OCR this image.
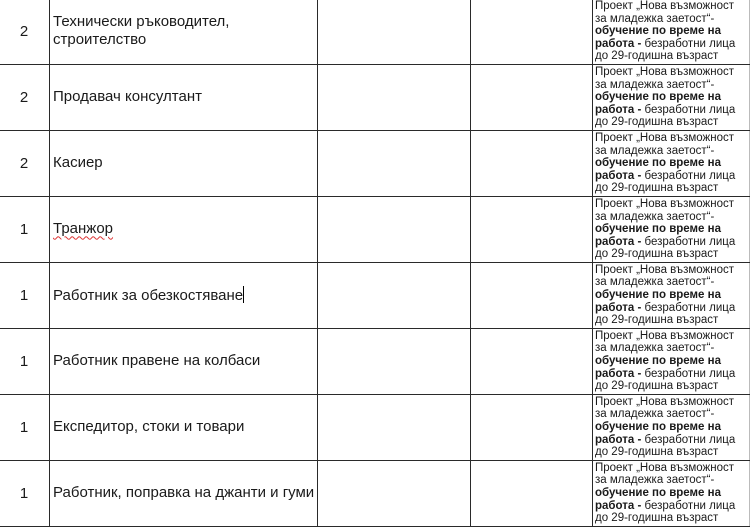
2	Технически ръководител, строителство			Проект „Нова възможност за младежка заетост“-обучение по време на работа - безработни лица до 29-годишна възраст
2	Продавач консултант			Проект „Нова възможност за младежка заетост“-обучение по време на работа - безработни лица до 29-годишна възраст
2	Касиер			Проект „Нова възможност за младежка заетост“-обучение по време на работа - безработни лица до 29-годишна възраст
1	Транжор			Проект „Нова възможност за младежка заетост“-обучение по време на работа - безработни лица до 29-годишна възраст
1	Работник за обезкостяване			Проект „Нова възможност за младежка заетост“-обучение по време на работа - безработни лица до 29-годишна възраст
1	Работник правене на колбаси			Проект „Нова възможност за младежка заетост“-обучение по време на работа - безработни лица до 29-годишна възраст
1	Експедитор, стоки и товари			Проект „Нова възможност за младежка заетост“-обучение по време на работа - безработни лица до 29-годишна възраст
1	Работник, поправка на джанти и гуми			Проект „Нова възможност за младежка заетост“-обучение по време на работа - безработни лица до 29-годишна възраст
